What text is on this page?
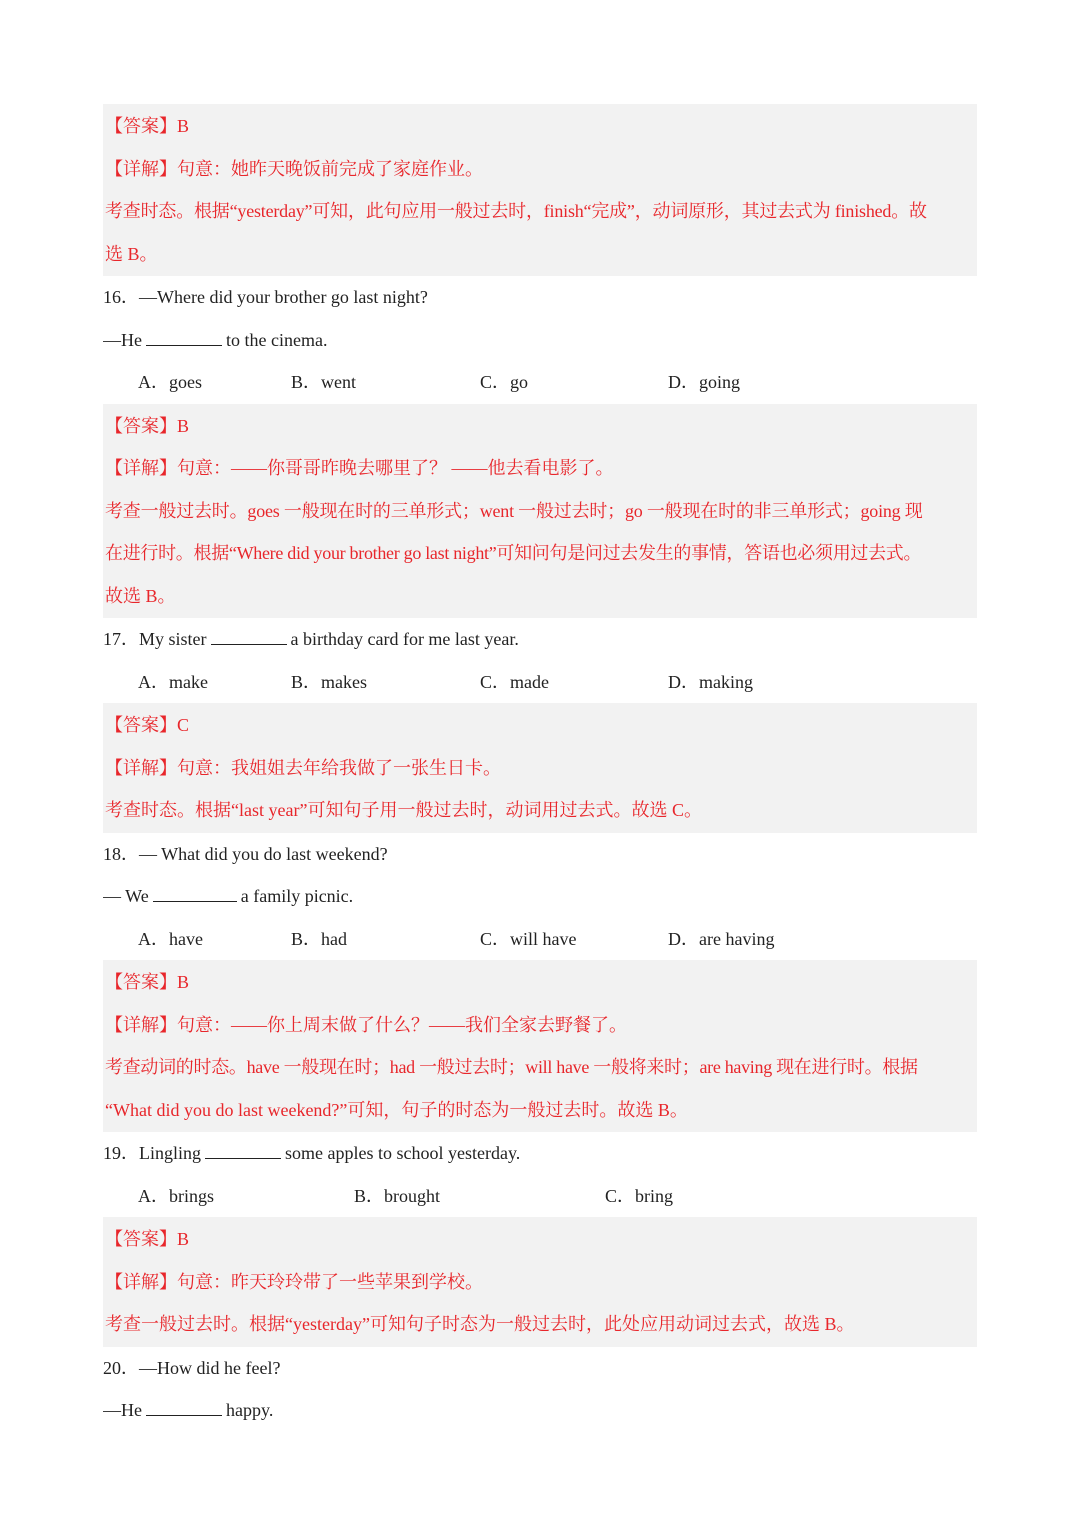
【答案】B
【详解】句意：她昨天晚饭前完成了家庭作业。
考查时态。根据“yesterday”可知，此句应用一般过去时，finish“完成”，动词原形，其过去式为 finished。故
选 B。
16．—Where did your brother go last night?
—He	to the cinema.
A．goes	B．went	C．go	D．going
【答案】B
【详解】句意：——你哥哥昨晚去哪里了？ ——他去看电影了。
考查一般过去时。goes 一般现在时的三单形式；went 一般过去时；go 一般现在时的非三单形式；going 现
在进行时。根据“Where did your brother go last night”可知问句是问过去发生的事情，答语也必须用过去式。
故选 B。
17．My sister	a birthday card for me last year.
A．make	B．makes	C．made	D．making
【答案】C
【详解】句意：我姐姐去年给我做了一张生日卡。
考查时态。根据“last year”可知句子用一般过去时，动词用过去式。故选 C。
18．— What did you do last weekend?
— We	a family picnic.
A．have	B．had	C．will have	D．are having
【答案】B
【详解】句意：——你上周末做了什么？——我们全家去野餐了。
考查动词的时态。have 一般现在时；had 一般过去时；will have 一般将来时；are having 现在进行时。根据
“What did you do last weekend?”可知，句子的时态为一般过去时。故选 B。
19．Lingling	some apples to school yesterday.
A．brings	B．brought	C．bring
【答案】B
【详解】句意：昨天玲玲带了一些苹果到学校。
考查一般过去时。根据“yesterday”可知句子时态为一般过去时，此处应用动词过去式，故选 B。
20．—How did he feel?
—He	happy.
